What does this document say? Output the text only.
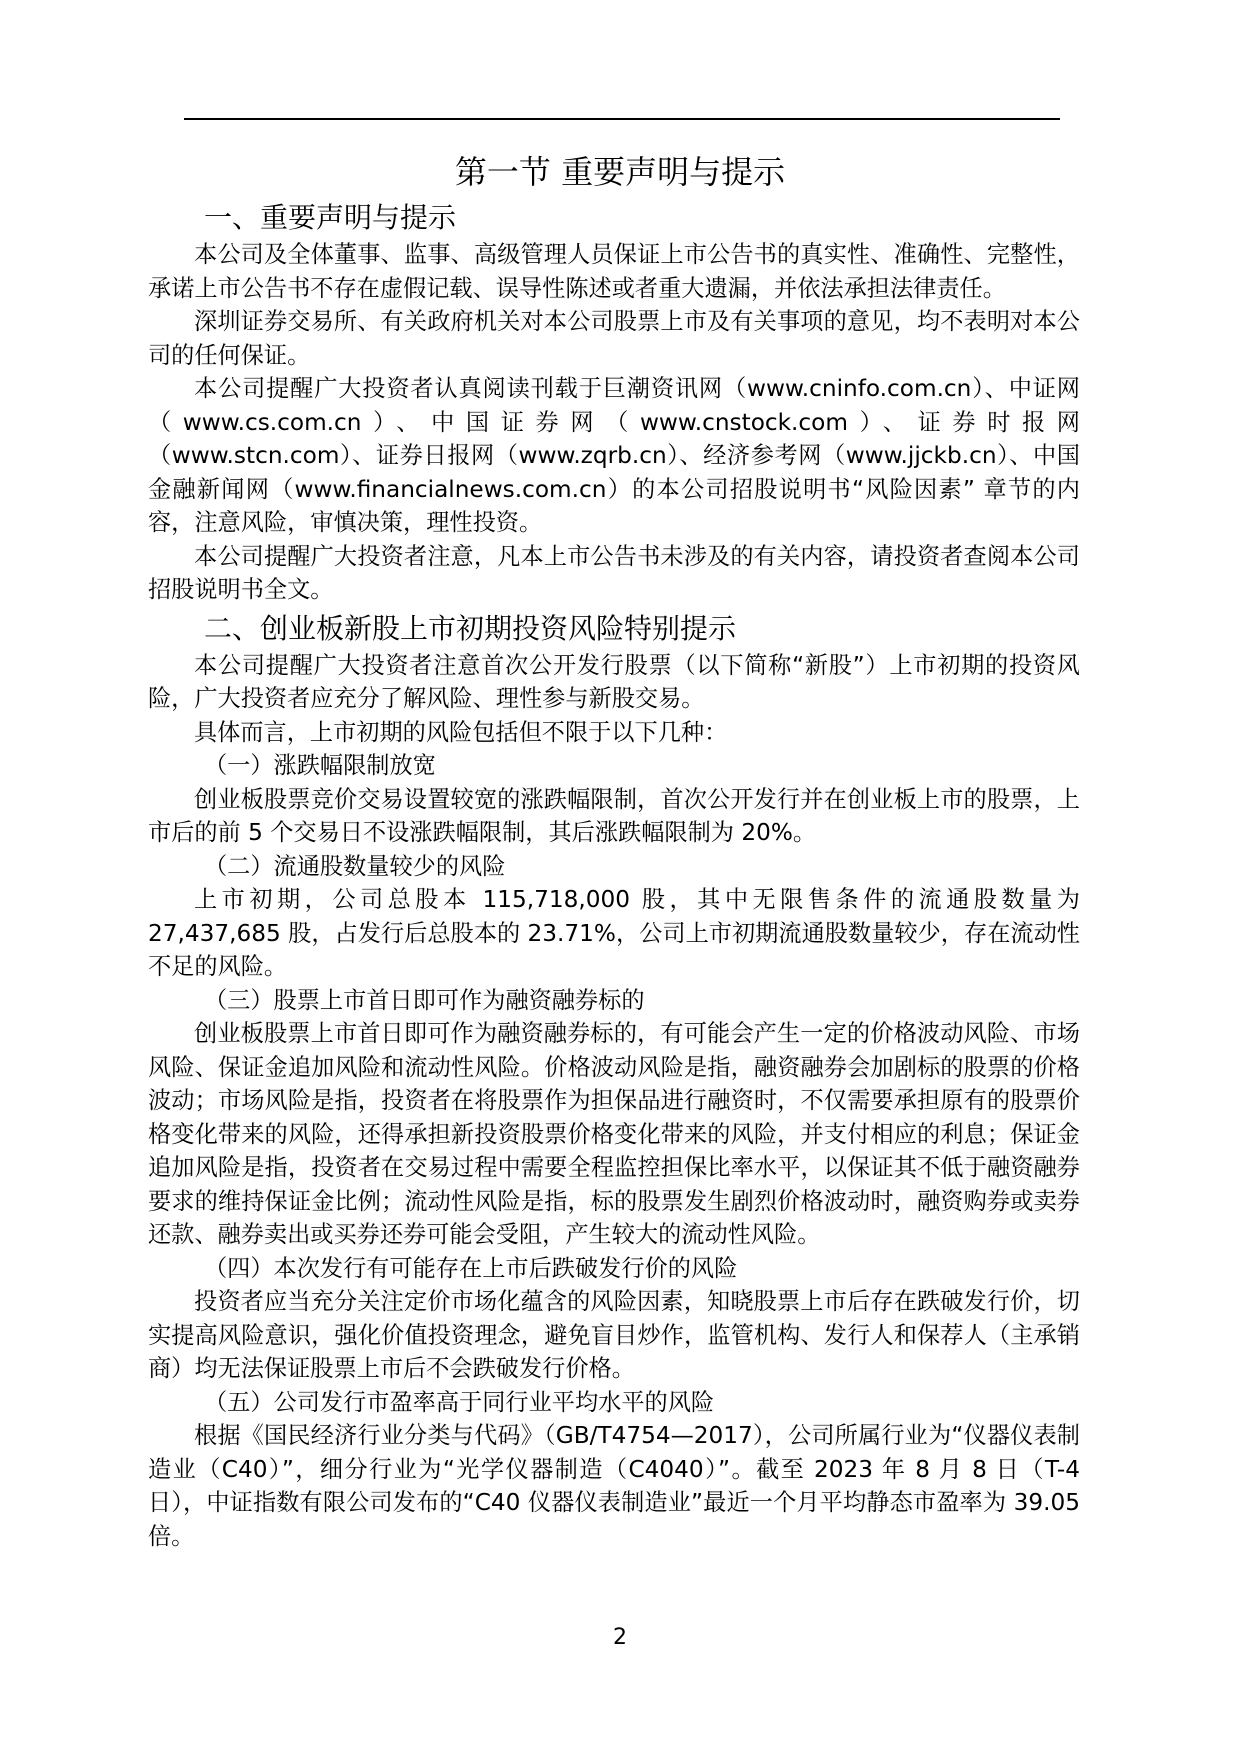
第一节 重要声明与提示

一、重要声明与提示

本公司及全体董事、监事、高级管理人员保证上市公告书的真实性、准确性、完整性，承诺上市公告书不存在虚假记载、误导性陈述或者重大遗漏，并依法承担法律责任。

深圳证券交易所、有关政府机关对本公司股票上市及有关事项的意见，均不表明对本公司的任何保证。

本公司提醒广大投资者认真阅读刊载于巨潮资讯网（www.cninfo.com.cn）、中证网（www.cs.com.cn）、中国证券网（www.cnstock.com）、证券时报网（www.stcn.com）、证券日报网（www.zqrb.cn）、经济参考网（www.jjckb.cn）、中国金融新闻网（www.financialnews.com.cn）的本公司招股说明书“风险因素” 章节的内容，注意风险，审慎决策，理性投资。

本公司提醒广大投资者注意，凡本上市公告书未涉及的有关内容，请投资者查阅本公司招股说明书全文。

二、创业板新股上市初期投资风险特别提示

本公司提醒广大投资者注意首次公开发行股票（以下简称“新股”）上市初期的投资风险，广大投资者应充分了解风险、理性参与新股交易。

具体而言，上市初期的风险包括但不限于以下几种：

（一）涨跌幅限制放宽

创业板股票竞价交易设置较宽的涨跌幅限制，首次公开发行并在创业板上市的股票，上市后的前 5 个交易日不设涨跌幅限制，其后涨跌幅限制为 20%。

（二）流通股数量较少的风险

上市初期，公司总股本 115,718,000 股，其中无限售条件的流通股数量为 27,437,685 股，占发行后总股本的 23.71%，公司上市初期流通股数量较少，存在流动性不足的风险。

（三）股票上市首日即可作为融资融券标的

创业板股票上市首日即可作为融资融券标的，有可能会产生一定的价格波动风险、市场风险、保证金追加风险和流动性风险。价格波动风险是指，融资融券会加剧标的股票的价格波动；市场风险是指，投资者在将股票作为担保品进行融资时，不仅需要承担原有的股票价格变化带来的风险，还得承担新投资股票价格变化带来的风险，并支付相应的利息；保证金追加风险是指，投资者在交易过程中需要全程监控担保比率水平，以保证其不低于融资融券要求的维持保证金比例；流动性风险是指，标的股票发生剧烈价格波动时，融资购券或卖券还款、融券卖出或买券还券可能会受阻，产生较大的流动性风险。

（四）本次发行有可能存在上市后跌破发行价的风险

投资者应当充分关注定价市场化蕴含的风险因素，知晓股票上市后存在跌破发行价，切实提高风险意识，强化价值投资理念，避免盲目炒作，监管机构、发行人和保荐人（主承销商）均无法保证股票上市后不会跌破发行价格。

（五）公司发行市盈率高于同行业平均水平的风险

根据《国民经济行业分类与代码》（GB/T4754—2017），公司所属行业为“仪器仪表制造业（C40）”，细分行业为“光学仪器制造（C4040）”。截至 2023 年 8 月 8 日（T-4 日），中证指数有限公司发布的“C40 仪器仪表制造业”最近一个月平均静态市盈率为 39.05 倍。

2
